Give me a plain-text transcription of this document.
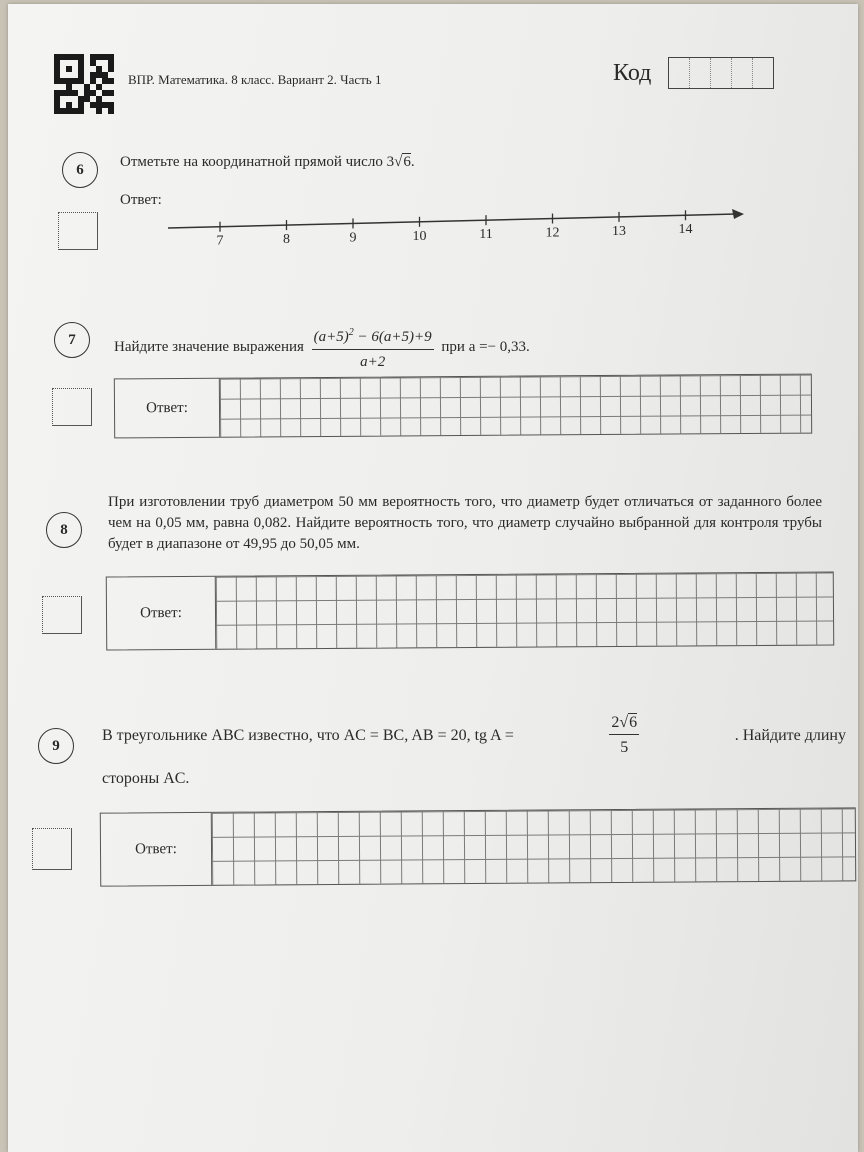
ВПР. Математика. 8 класс. Вариант 2. Часть 1	Код
6	Отметьте на координатной прямой число 3√6.
Ответ:
7	8	9	10	11	12	13	14
7	Найдите значение выражения $\frac{(a+5)^2 - 6(a+5)+9}{a+2}$ при a =− 0,33.
Ответ:
8
При изготовлении труб диаметром 50 мм вероятность того, что диаметр будет отличаться от заданного более чем на 0,05 мм, равна 0,082. Найдите вероятность того, что диаметр случайно выбранной для контроля трубы будет в диапазоне от 49,95 до 50,05 мм.
Ответ:
9
В треугольнике ABC известно, что AC = BC, AB = 20, tg A =	$\frac{2√6}{5}$	. Найдите длину
стороны AC.
Ответ:
